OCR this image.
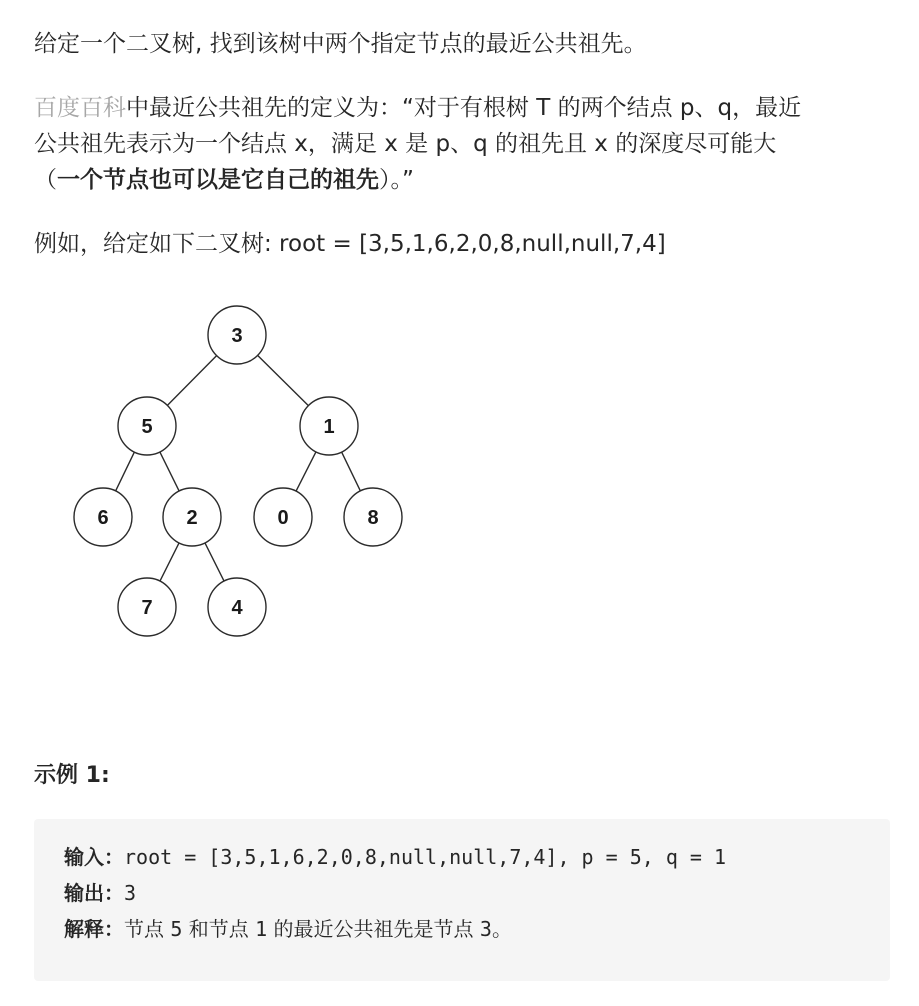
给定一个二叉树, 找到该树中两个指定节点的最近公共祖先。

百度百科中最近公共祖先的定义为：“对于有根树 T 的两个结点 p、q，最近
公共祖先表示为一个结点 x，满足 x 是 p、q 的祖先且 x 的深度尽可能大
（一个节点也可以是它自己的祖先）。”

例如，给定如下二叉树: root = [3,5,1,6,2,0,8,null,null,7,4]

3
5	1
6	2	0	8
7	4
示例 1:
输入：root = [3,5,1,6,2,0,8,null,null,7,4], p = 5, q = 1
输出：3
解释：节点 5 和节点 1 的最近公共祖先是节点 3。
